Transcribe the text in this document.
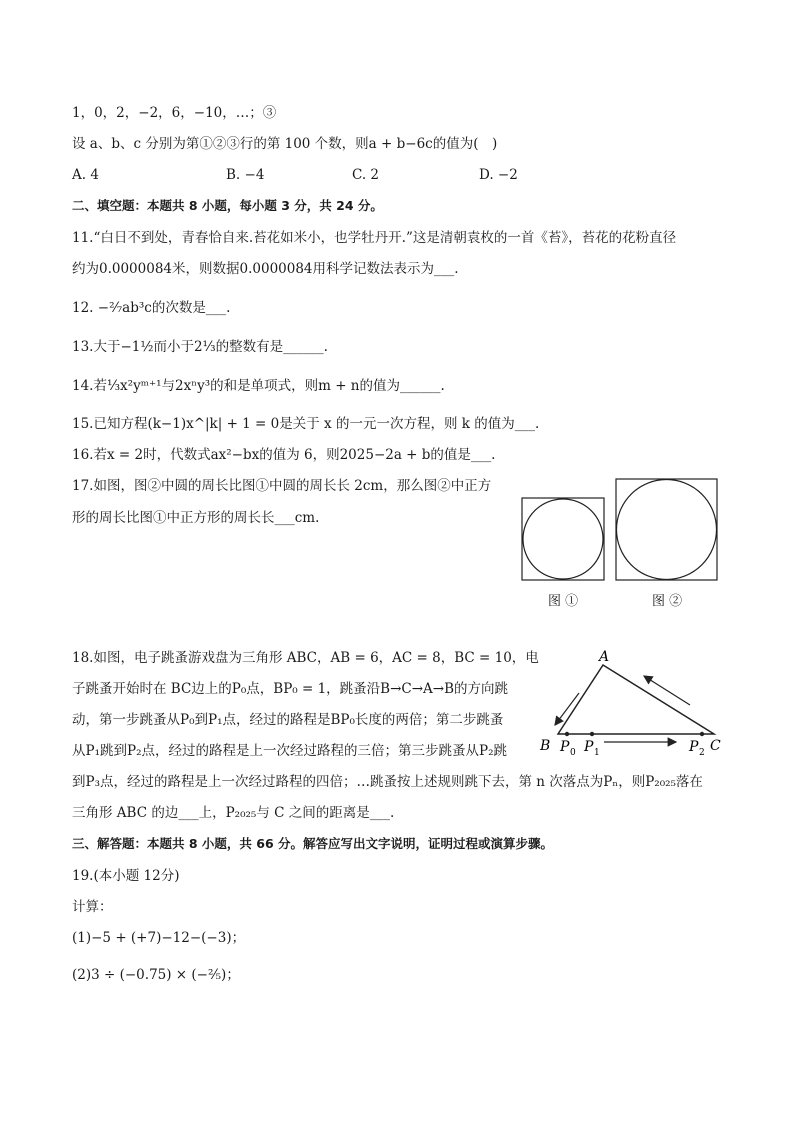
1，0，2，−2，6，−10，…；③
设 a、b、c 分别为第①②③行的第 100 个数，则a + b−6c的值为(　)
A. 4	B. −4	C. 2	D. −2
二、填空题：本题共 8 小题，每小题 3 分，共 24 分。
11.“白日不到处，青春恰自来.苔花如米小，也学牡丹开.”这是清朝袁枚的一首《苔》，苔花的花粉直径
约为0.0000084米，则数据0.0000084用科学记数法表示为___.
12. −²⁄₇ab³c的次数是___.
13.大于−1½而小于2⅓的整数有是______.
14.若⅓x²yᵐ⁺¹与2xⁿy³的和是单项式，则m + n的值为______.
15.已知方程(k−1)x^|k| + 1 = 0是关于 x 的一元一次方程，则 k 的值为___.
16.若x = 2时，代数式ax²−bx的值为 6，则2025−2a + b的值是___.
17.如图，图②中圆的周长比图①中圆的周长长 2cm，那么图②中正方
形的周长比图①中正方形的周长长___cm.
图 ①	图 ②
18.如图，电子跳蚤游戏盘为三角形 ABC，AB = 6，AC = 8，BC = 10，电
子跳蚤开始时在 BC边上的P₀点，BP₀ = 1，跳蚤沿B→C→A→B的方向跳
动，第一步跳蚤从P₀到P₁点，经过的路程是BP₀长度的两倍；第二步跳蚤
从P₁跳到P₂点，经过的路程是上一次经过路程的三倍；第三步跳蚤从P₂跳
到P₃点，经过的路程是上一次经过路程的四倍；…跳蚤按上述规则跳下去，第 n 次落点为Pₙ，则P₂₀₂₅落在
三角形 ABC 的边___上，P₂₀₂₅与 C 之间的距离是___.
A
B	C
P 0 P 1	P 2
三、解答题：本题共 8 小题，共 66 分。解答应写出文字说明，证明过程或演算步骤。
19.(本小题 12分)
计算：
(1)−5 + (+7)−12−(−3)；
(2)3 ÷ (−0.75) × (−²⁄₅)；
